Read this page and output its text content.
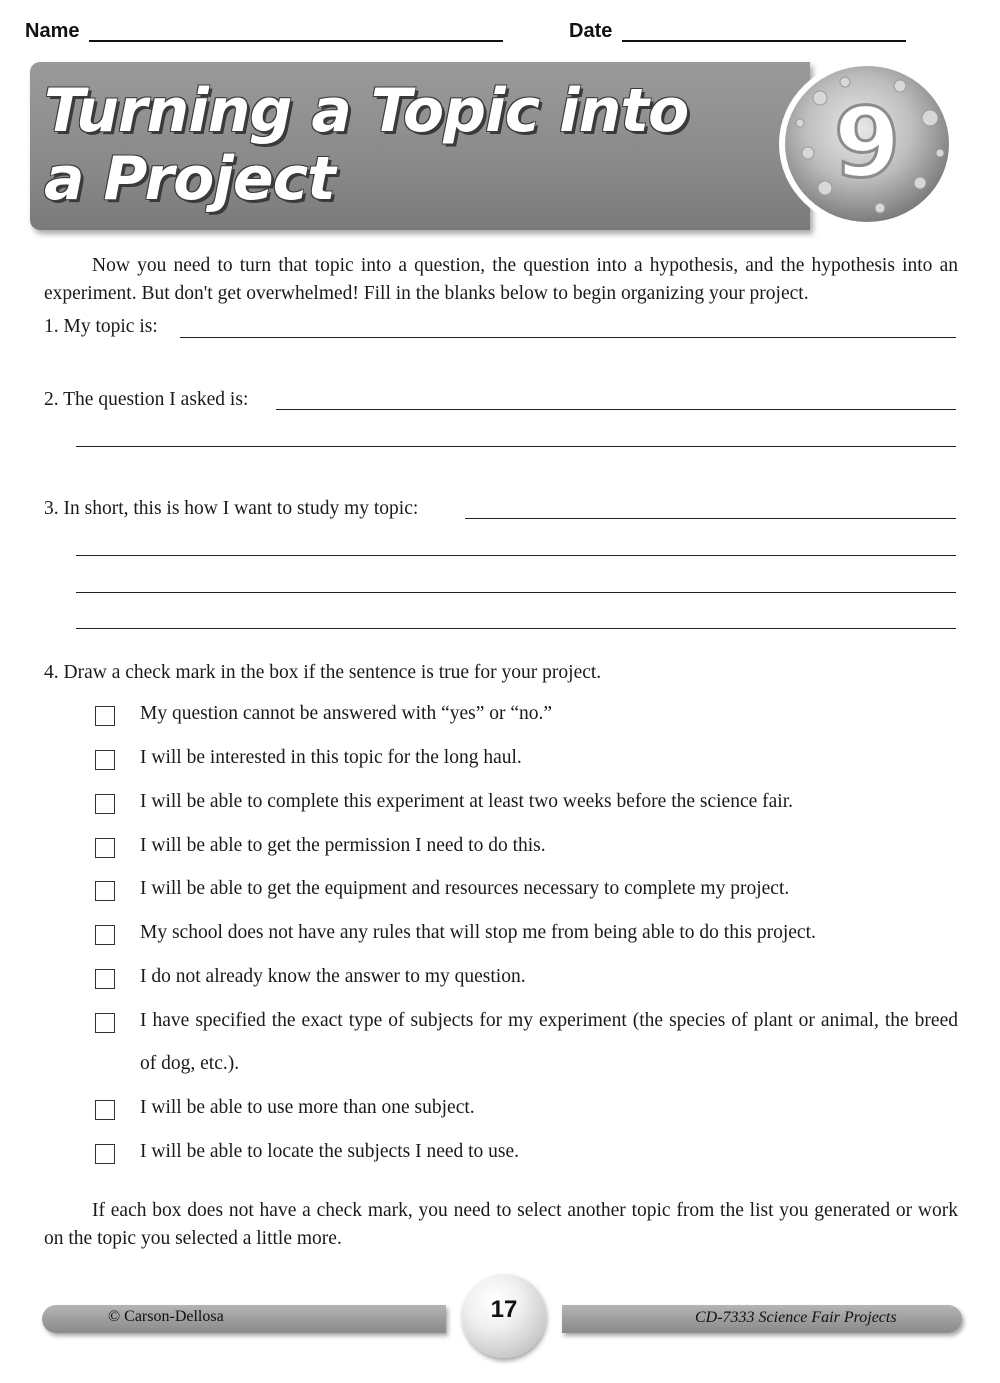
Name	Date
Turning a Topic into
a Project	9
Now you need to turn that topic into a question, the question into a hypothesis, and the hypothesis into an experiment. But don't get overwhelmed! Fill in the blanks below to begin organizing your project.
1. My topic is:
2. The question I asked is:
3. In short, this is how I want to study my topic:
4. Draw a check mark in the box if the sentence is true for your project.
My question cannot be answered with “yes” or “no.”
I will be interested in this topic for the long haul.
I will be able to complete this experiment at least two weeks before the science fair.
I will be able to get the permission I need to do this.
I will be able to get the equipment and resources necessary to complete my project.
My school does not have any rules that will stop me from being able to do this project.
I do not already know the answer to my question.
I have specified the exact type of subjects for my experiment (the species of plant or animal, the breed of dog, etc.).
I will be able to use more than one subject.
I will be able to locate the subjects I need to use.
If each box does not have a check mark, you need to select another topic from the list you generated or work on the topic you selected a little more.
© Carson-Dellosa	CD-7333 Science Fair Projects
17
